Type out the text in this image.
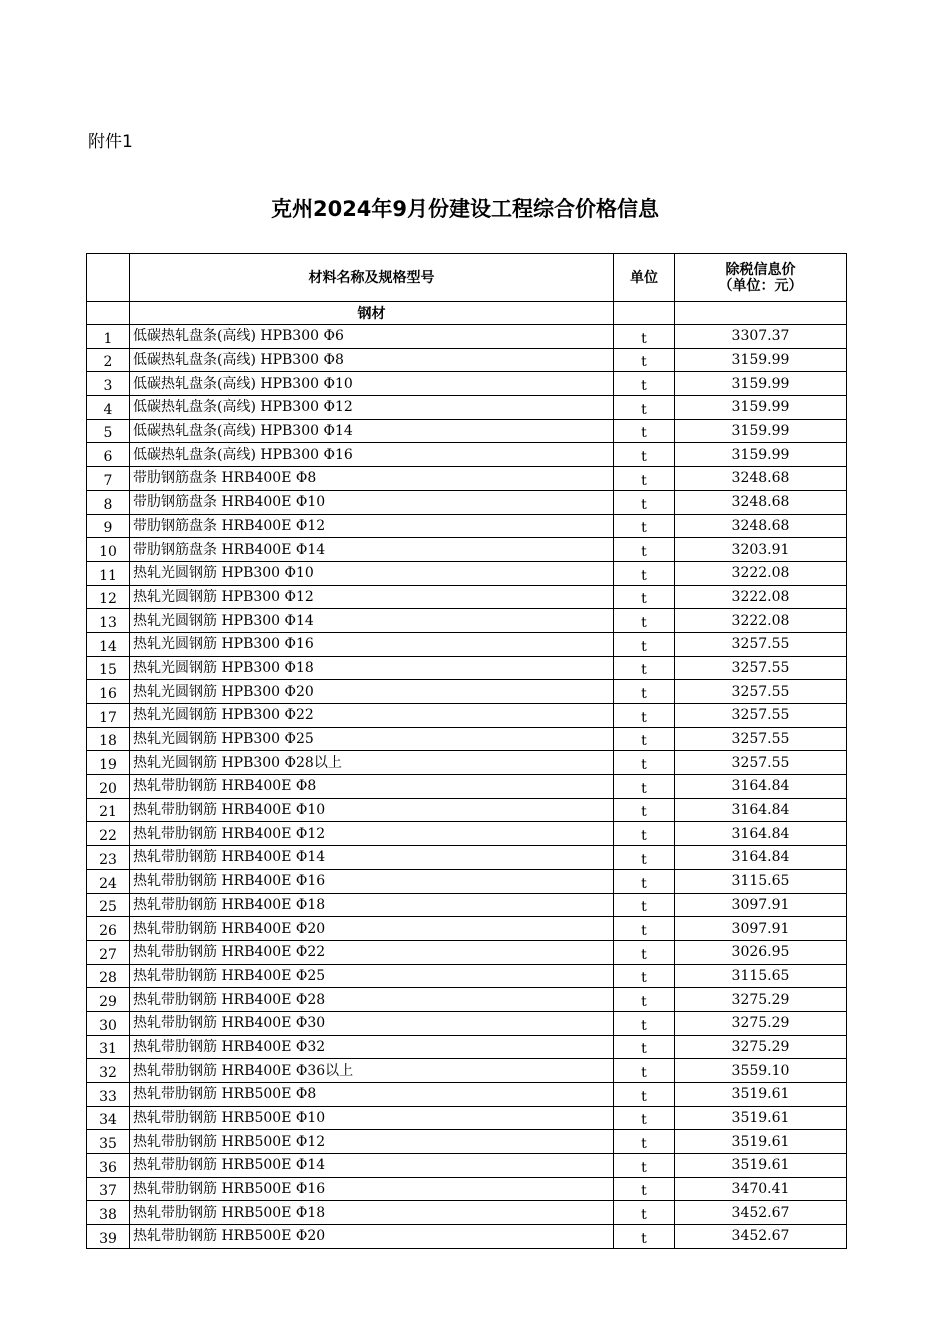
附件1
克州2024年9月份建设工程综合价格信息
	材料名称及规格型号	单位	除税信息价
（单位：元）

	钢材		
1	低碳热轧盘条(高线) HPB300 Φ6	t	3307.37
2	低碳热轧盘条(高线) HPB300 Φ8	t	3159.99
3	低碳热轧盘条(高线) HPB300 Φ10	t	3159.99
4	低碳热轧盘条(高线) HPB300 Φ12	t	3159.99
5	低碳热轧盘条(高线) HPB300 Φ14	t	3159.99
6	低碳热轧盘条(高线) HPB300 Φ16	t	3159.99
7	带肋钢筋盘条 HRB400E Φ8	t	3248.68
8	带肋钢筋盘条 HRB400E Φ10	t	3248.68
9	带肋钢筋盘条 HRB400E Φ12	t	3248.68
10	带肋钢筋盘条 HRB400E Φ14	t	3203.91
11	热轧光圆钢筋 HPB300 Φ10	t	3222.08
12	热轧光圆钢筋 HPB300 Φ12	t	3222.08
13	热轧光圆钢筋 HPB300 Φ14	t	3222.08
14	热轧光圆钢筋 HPB300 Φ16	t	3257.55
15	热轧光圆钢筋 HPB300 Φ18	t	3257.55
16	热轧光圆钢筋 HPB300 Φ20	t	3257.55
17	热轧光圆钢筋 HPB300 Φ22	t	3257.55
18	热轧光圆钢筋 HPB300 Φ25	t	3257.55
19	热轧光圆钢筋 HPB300 Φ28以上	t	3257.55
20	热轧带肋钢筋 HRB400E Φ8	t	3164.84
21	热轧带肋钢筋 HRB400E Φ10	t	3164.84
22	热轧带肋钢筋 HRB400E Φ12	t	3164.84
23	热轧带肋钢筋 HRB400E Φ14	t	3164.84
24	热轧带肋钢筋 HRB400E Φ16	t	3115.65
25	热轧带肋钢筋 HRB400E Φ18	t	3097.91
26	热轧带肋钢筋 HRB400E Φ20	t	3097.91
27	热轧带肋钢筋 HRB400E Φ22	t	3026.95
28	热轧带肋钢筋 HRB400E Φ25	t	3115.65
29	热轧带肋钢筋 HRB400E Φ28	t	3275.29
30	热轧带肋钢筋 HRB400E Φ30	t	3275.29
31	热轧带肋钢筋 HRB400E Φ32	t	3275.29
32	热轧带肋钢筋 HRB400E Φ36以上	t	3559.10
33	热轧带肋钢筋 HRB500E Φ8	t	3519.61
34	热轧带肋钢筋 HRB500E Φ10	t	3519.61
35	热轧带肋钢筋 HRB500E Φ12	t	3519.61
36	热轧带肋钢筋 HRB500E Φ14	t	3519.61
37	热轧带肋钢筋 HRB500E Φ16	t	3470.41
38	热轧带肋钢筋 HRB500E Φ18	t	3452.67
39	热轧带肋钢筋 HRB500E Φ20	t	3452.67
